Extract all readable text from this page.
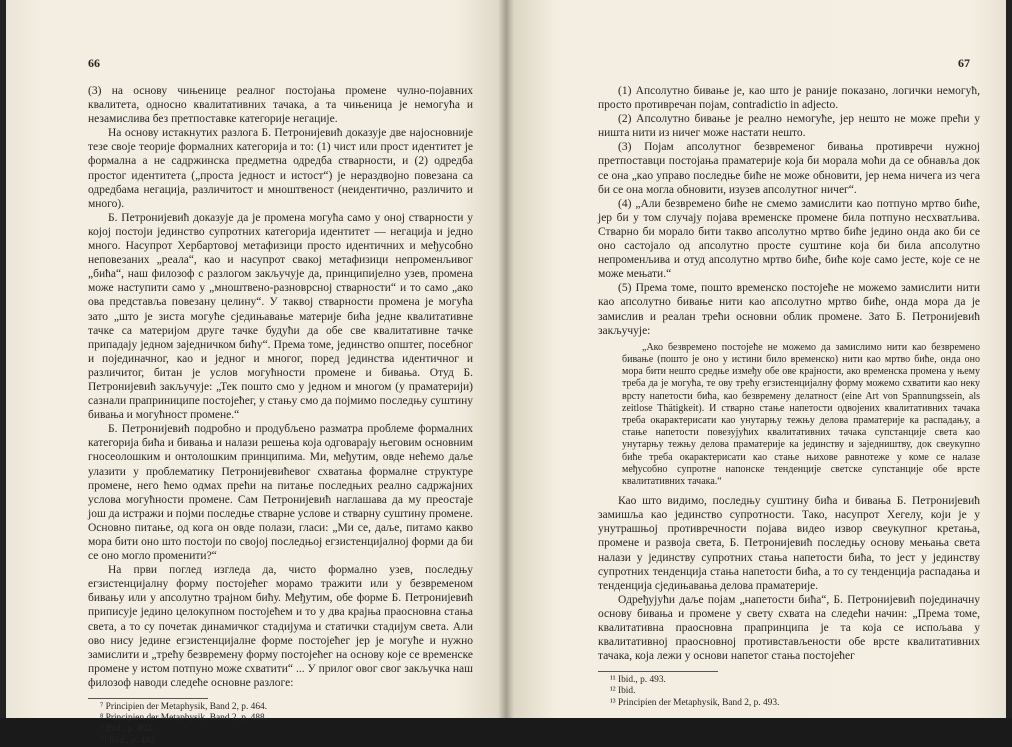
66

(3) на основу чињенице реалног постојања промене чулно-појавних квалитета, односно квалитативних тачака, а та чињеница је немогућа и незамислива без претпоставке категорије негације.

На основу истакнутих разлога Б. Петронијевић доказује две најосновније тезе своје теорије формалних категорија и то: (1) чист или прост идентитет је формална а не садржинска предметна одредба стварности, и (2) одредба простог идентитета („проста једност и истост“) је нераздвојно повезана са одредбама негација, различитост и мноштвеност (неидентично, различито и много).

Б. Петронијевић доказује да је промена могућа само у оној стварности у којој постоји јединство супротних категорија идентитет — негација и једно многo. Насупрот Хербартовој метафизици просто идентичних и међусобно неповезаних „реала“, као и насупрот свакој метафизици непроменљивог „бића“, наш филозоф с разлогом закључује да, принципијелно узев, промена може наступити само у „мноштвено-разноврсној стварности“ и то само „ако ова представља повезану целину“. У таквој стварности промена је могућа зато „што је зиста могуће сједињавање материје бића једне квалитативне тачке са материјом друге тачке будући да обе све квалитативне тачке припадају једном заједничком бићу“. Према томе, јединство општег, посебног и појединачног, као и једног и многог, поред јединства идентичног и различитог, битан је услов могућности промене и бивања. Отуд Б. Петронијевић закључује: „Тек пошто смо у једном и многом (у праматерији) сазнали праприниципе постојећег, у стању смо да појмимо последњу суштину бивања и могућност промене.“

Б. Петронијевић подробно и продубљено разматра проблеме формалних категорија бића и бивања и налази решења која одговарају његовим основним гносеолошким и онтолошким принципима. Ми, међутим, овде нећемо даље улазити у проблематику Петронијевићевог схватања формалне структуре промене, него ћемо одмах прећи на питање последњих реално садржајних услова могућности промене. Сам Петронијевић наглашава да му преостаје још да истражи и појми последње стварне услове и стварну суштину промене. Основно питање, од кога он овде полази, гласи: „Ми се, даље, питамо какво мора бити оно што постоји по својој последњој егзистенцијалној форми да би се оно могло променити?“

На први поглед изгледа да, чисто формално узев, последњу егзистенцијалну форму постојећег морамо тражити или у безвременом бивању или у апсолутно трајном бићу. Међутим, обе форме Б. Петронијевић приписује једино целокупном постојећем и то у два крајња праосновна стања света, а то су почетак динамичког стадијума и статички стадијум света. Али ово нису једине егзистенцијалне форме постојећег јер је могуће и нужно замислити и „трећу безвремену форму постојећег на основу које се временске промене у истом потпуно може схватити“ ... У прилог овог свог закључка наш филозоф наводи следеће основне разлоге:

⁷ Principien der Metaphysik, Band 2, p. 464.
⁸ Principien der Metaphysik, Band 2, p. 488.
⁹ Ibid., p. 492.
¹⁰ Ibid., p. 492.
67

(1) Апсолутно бивање је, као што је раније показано, логички немогућ, просто противречан појам, contradictio in adjecto.

(2) Апсолутно бивање је реално немогуће, јер нешто не може прећи у ништа нити из ничег може настати нешто.

(3) Појам апсолутног безвременог бивања противречи нужној претпоставци постојања праматерије која би морала моћи да се обнавља док се она „као управо последње биће не може обновити, јер нема ничега из чега би се она могла обновити, изузев апсолутног ничег“.

(4) „Али безвремено биће не смемо замислити као потпуно мртво биће, јер би у том случају појава временске промене била потпуно несхватљива. Стварно би морало бити такво апсолутно мртво биће једино онда ако би се оно састојало од апсолутно просте суштине која би била апсолутно непроменљива и отуд апсолутно мртво биће, биће које само јесте, које се не може мењати.“

(5) Према томе, пошто временско постојеће не можемо замислити нити као апсолутно бивање нити као апсолутно мртво биће, онда мора да је замислив и реалан трећи основни облик промене. Зато Б. Петронијевић закључује:

„Ако безвремено постојеће не можемо да замислимо нити као безвремено бивање (пошто је оно у истини било временско) нити као мртво биће, онда оно мора бити нешто средње између обе ове крајности, ако временска промена у њему треба да је могућа, те ову трећу егзистенцијалну форму можемо схватити као неку врсту напетости бића, као безвремену делатност (eine Art von Spannungssein, als zeitlose Thätigkeit). И стварно стање напетости одвојених квалитативних тачака треба окарактерисати као унутарњу тежњу делова праматерије ка распадању, а стање напетости повезујућих квалитативних тачака супстанције света као унутарњу тежњу делова праматерије ка јединству и заједништву, док свеукупно биће треба окарактерисати као стање њихове равнотеже у коме се налазе међусобно супротне напонске тенденције светске супстанције обе врсте квалитативних тачака.“

Као што видимо, последњу суштину бића и бивања Б. Петронијевић замишља као јединство супротности. Тако, насупрот Хегелу, који је у унутрашњој противречности појава видео извор свеукупног кретања, промене и развоја света, Б. Петронијевић последњу основу мењања света налази у јединству супротних стања напетости бића, то јест у јединству супротних тенденција стања напетости бића, а то су тенденција распадања и тенденција сједињавања делова праматерије.

Одређујући даље појам „напетости бића“, Б. Петронијевић појединачну основу бивања и промене у свету схвата на следећи начин: „Према томе, квалитативна праоснoвна прапринципа је та која се испољава у квалитативној праосновној противстављености обе врсте квалитативних тачака, која лежи у основи напетог стања постојећег

¹¹ Ibid., p. 493.
¹² Ibid.
¹³ Principien der Metaphysik, Band 2, p. 493.
